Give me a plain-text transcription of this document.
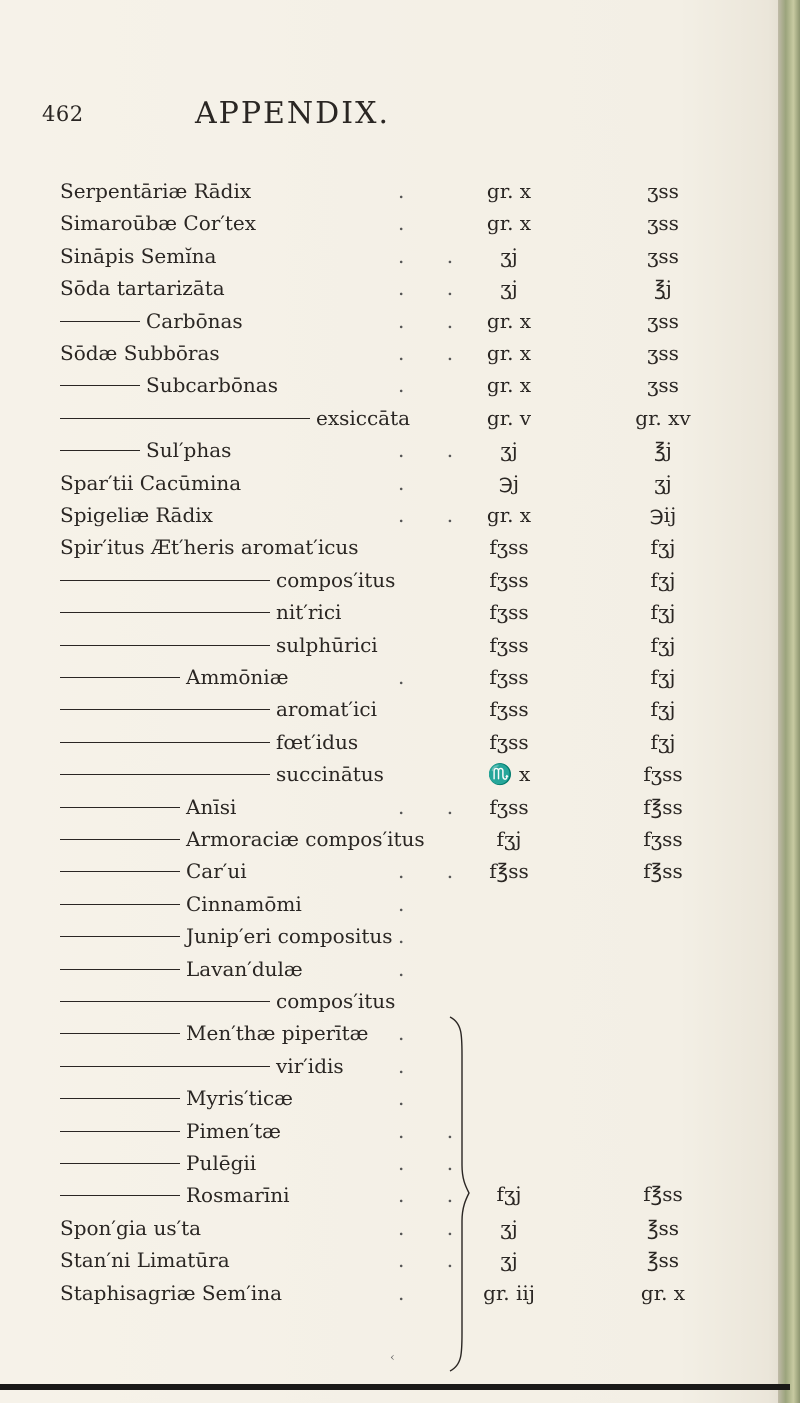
462	APPENDIX.
Serpentāriæ Rādix	.	gr. x	ʒss
Simaroūbæ Cor′tex	.	gr. x	ʒss
Sināpis Semĭna	. .	ʒj	ʒss
Sōda tartarizāta	. .	ʒj	℥j
Carbōnas	. . gr. x	ʒss
Sōdæ Subbōras	. . gr. x	ʒss
Subcarbōnas	.	gr. x	ʒss
exsiccāta	gr. v	gr. xv
Sul′phas	. .	ʒj	℥j
Spar′tii Cacūmina	.	℈j	ʒj
Spigeliæ Rādix	. . gr. x	℈ij
Spir′itus Æt′heris aromat′icus	fʒss	fʒj
compos′itus	fʒss	fʒj
nit′rici	fʒss	fʒj
sulphūrici	fʒss	fʒj
Ammōniæ	.	fʒss	fʒj
aromat′ici	fʒss	fʒj
fœt′idus	fʒss	fʒj
succinātus	♏ x	fʒss
Anīsi	. . fʒss	f℥ss
Armoraciæ compos′itus	fʒj	fʒss
Car′ui	. . f℥ss	f℥ss
Cinnamōmi	.
Junip′eri compositus .
Lavan′dulæ	.
compos′itus
Men′thæ piperītæ .
vir′idis	.
Myris′ticæ	.
Pimen′tæ	. .
Pulēgii	. .
Rosmarīni	. .
Spon′gia us′ta	. .	ʒj	℥ss
Stan′ni Limatūra	. .	ʒj	℥ss
Staphisagriæ Sem′ina	.	gr. iij	gr. x
fʒj	f℥ss
‹
